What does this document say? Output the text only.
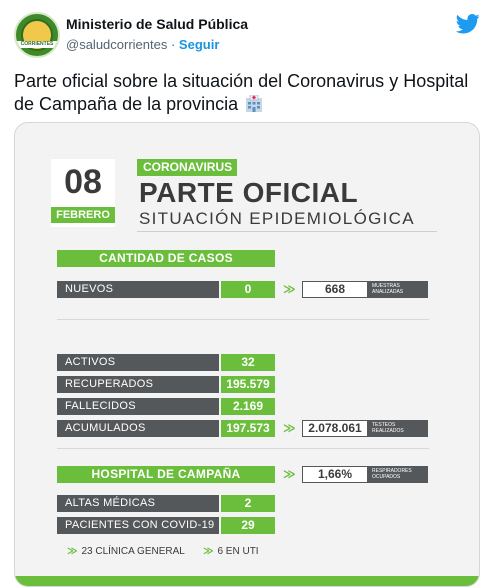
CORRIENTES
Ministerio de Salud Pública
@saludcorrientes · Seguir
Parte oficial sobre la situación del Coronavirus y Hospital de Campaña de la provincia
08
FEBRERO
CORONAVIRUS
PARTE OFICIAL
SITUACIÓN EPIDEMIOLÓGICA
CANTIDAD DE CASOS
NUEVOS	0	≫	668	MUESTRAS ANALIZADAS
ACTIVOS	32
RECUPERADOS	195.579
FALLECIDOS	2.169
ACUMULADOS	197.573	≫	2.078.061	TESTEOS REALIZADOS
HOSPITAL DE CAMPAÑA	≫	1,66%	RESPIRADORES OCUPADOS
ALTAS MÉDICAS	2
PACIENTES CON COVID-19	29
≫ 23 CLÍNICA GENERAL ≫ 6 EN UTI
